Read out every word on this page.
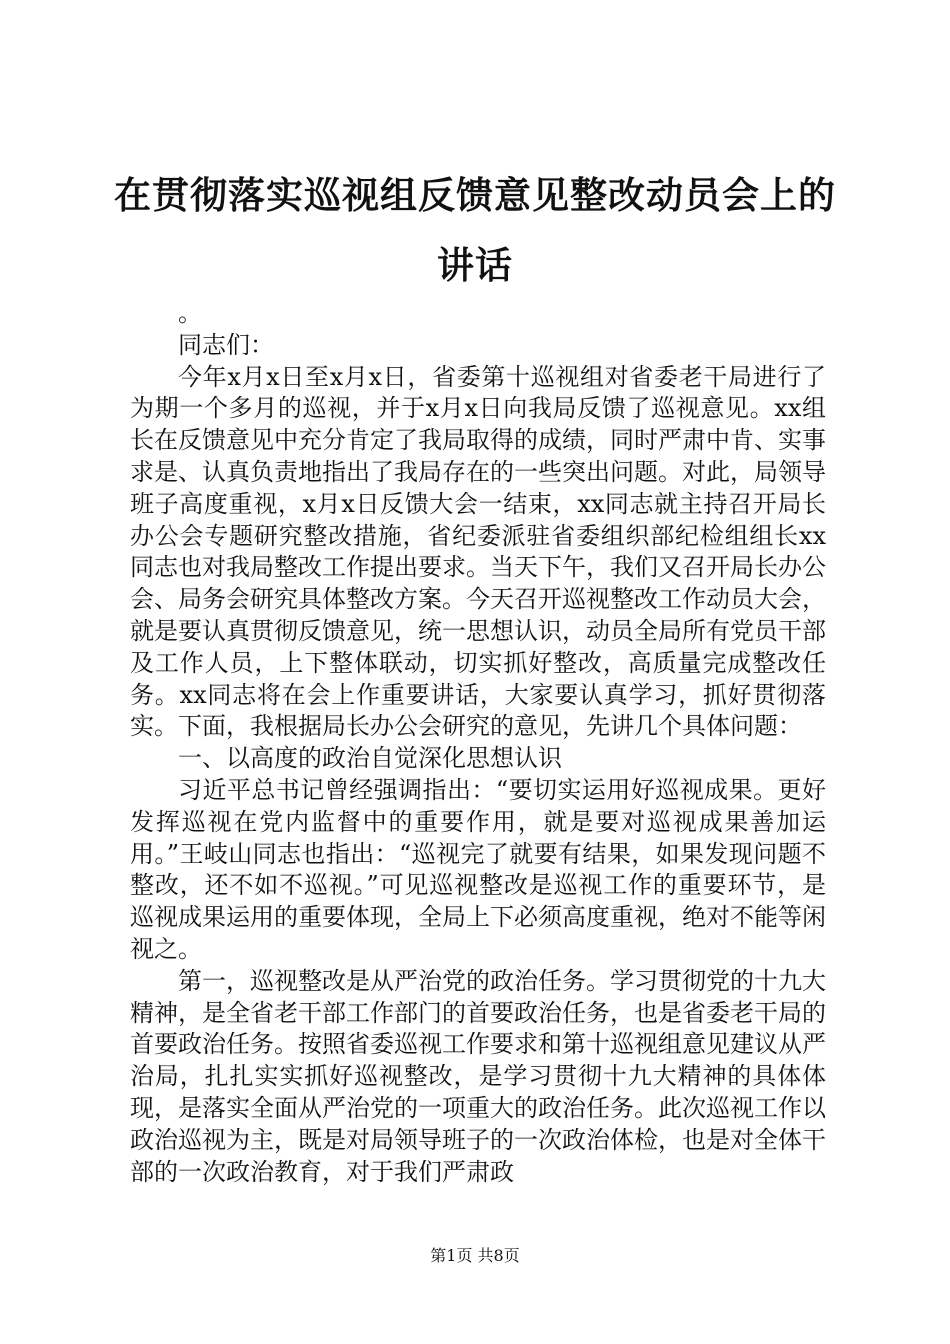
在贯彻落实巡视组反馈意见整改动员会上的讲话

。

同志们：

今年x月x日至x月x日，省委第十巡视组对省委老干局进行了为期一个多月的巡视，并于x月x日向我局反馈了巡视意见。xx组长在反馈意见中充分肯定了我局取得的成绩，同时严肃中肯、实事求是、认真负责地指出了我局存在的一些突出问题。对此，局领导班子高度重视，x月x日反馈大会一结束，xx同志就主持召开局长办公会专题研究整改措施，省纪委派驻省委组织部纪检组组长xx同志也对我局整改工作提出要求。当天下午，我们又召开局长办公会、局务会研究具体整改方案。今天召开巡视整改工作动员大会，就是要认真贯彻反馈意见，统一思想认识，动员全局所有党员干部及工作人员，上下整体联动，切实抓好整改，高质量完成整改任务。xx同志将在会上作重要讲话，大家要认真学习，抓好贯彻落实。下面，我根据局长办公会研究的意见，先讲几个具体问题：

一、以高度的政治自觉深化思想认识

习近平总书记曾经强调指出：“要切实运用好巡视成果。更好发挥巡视在党内监督中的重要作用，就是要对巡视成果善加运用。”王岐山同志也指出：“巡视完了就要有结果，如果发现问题不整改，还不如不巡视。”可见巡视整改是巡视工作的重要环节，是巡视成果运用的重要体现，全局上下必须高度重视，绝对不能等闲视之。

第一，巡视整改是从严治党的政治任务。学习贯彻党的十九大精神，是全省老干部工作部门的首要政治任务，也是省委老干局的首要政治任务。按照省委巡视工作要求和第十巡视组意见建议从严治局，扎扎实实抓好巡视整改，是学习贯彻十九大精神的具体体现，是落实全面从严治党的一项重大的政治任务。此次巡视工作以政治巡视为主，既是对局领导班子的一次政治体检，也是对全体干部的一次政治教育，对于我们严肃政

第1页 共8页
